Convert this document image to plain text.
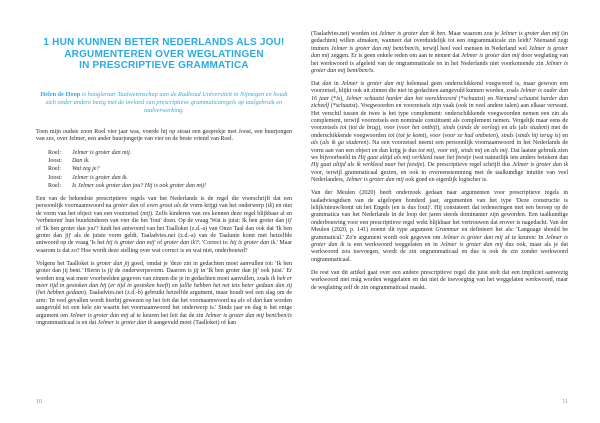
1 HUN KUNNEN BETER NEDERLANDS ALS JOU!
ARGUMENTEREN OVER WEGLATINGEN
IN PRESCRIPTIEVE GRAMMATICA

Helen de Hoop is hoogleraar Taalwetenschap aan de Radboud Universiteit in Nijmegen en houdt zich onder andere bezig met de invloed van prescriptieve grammaticaregels op taalgebruik en taalverwerking.

Toen mijn oudste zoon Roel vier jaar was, voerde hij op straat een gesprekje met Joost, een buurjongen van zes, over Jelmer, een ander buurjongetje van vier en de beste vriend van Roel.

Roel:	Jelmer is groter dan mij.
Joost:	Dan ik.
Roel:	Wat zeg je?
Joost:	Jelmer is groter dan ik.
Roel:	Is Jelmer ook groter dan jou? Hij is ook groter dan mij!

Een van de bekendste prescriptieve regels van het Nederlands is de regel die voorschrijft dat een persoonlijk voornaamwoord na groter dan of even groot als de vorm krijgt van het onderwerp (ik) en niet de vorm van het object van een voorzetsel (mij). Zelfs kinderen van zes kennen deze regel blijkbaar al en 'verbeteren' hun buurkinderen van vier die het 'fout' doen. Op de vraag 'Wat is juist: Ik ben groter dan jij' of 'Ik ben groter dan jou'? luidt het antwoord van het Taalloket (z.d.-a) van Onze Taal dan ook dat 'Ik ben groter dan jij' als de juiste vorm geldt. Taaladvies.net (z.d.-a) van de Taalunie komt met hetzelfde antwoord op de vraag 'Is het hij is groter dan mij' of groter dan ik?': 'Correct is: hij is groter dan ik.' Maar waarom is dat zo? Hoe wordt deze stelling over wat correct is en wat niet, onderbouwd?

Volgens het Taalloket is groter dan jij goed, omdat je 'deze zin in gedachten moet aanvullen tot: 'Ik ben groter dan jij bent.' Hierin is jij de onderwerpsvorm. Daarom is jij in 'Ik ben groter dan jij' ook juist.' Er worden nog wat meer voorbeelden gegeven van zinnen die je in gedachten moet aanvullen, zoals ik heb er meer tijd in gestoken dan hij (er tijd in gestoken heeft) en jullie hebben het net iets beter gedaan dan zij (het hebben gedaan). Taaladvies.net (z.d.-b) gebruikt hetzelfde argument, maar houdt wel een slag om de arm: 'In veel gevallen wordt hierbij gewezen op het feit dat het voornaamwoord na als of dan kan worden aangevuld tot een hele zin waarin het voornaamwoord het onderwerp is.' Sinds jaar en dag is het enige argument om Jelmer is groter dan mij af te keuren het feit dat de zin Jelmer is groter dan mij bent/ben/is ongrammaticaal is en dat Jelmer is groter dan ik aangevuld moet (Taalloket) of kan

10

(Taaladvies.net) worden tot Jelmer is groter dan ik ben. Maar waarom zou je Jelmer is groter dan mij (in gedachten) willen afmaken, wanneer dat overduidelijk tot een ongrammaticale zin leidt? Niemand zegt immers Jelmer is groter dan mij bent/ben/is, terwijl heel veel mensen in Nederland wel Jelmer is groter dan mij zeggen. Er is geen enkele reden om aan te nemen dat Jelmer is groter dan mij door weglating van het werkwoord is afgeleid van de ongrammaticale en in het Nederlands niet voorkomende zin Jelmer is groter dan mij bent/ben/is.

Dat dan in Jelmer is groter dan mij helemaal geen onderschikkend voegwoord is, maar gewoon een voorzetsel, blijkt ook uit zinnen die niet in gedachten aangevuld kunnen worden, zoals Jelmer is ouder dan 16 jaar (*is), Jelmer schaatst harder dan het wereldrecord (*schaatst) en Niemand schaatst harder dan zichzelf (*schaatst). Voegwoorden en voorzetsels zijn vaak (ook in veel andere talen) aan elkaar verwant. Het verschil tussen de twee is het type complement: onderschikkende voegwoorden nemen een zin als complement, terwijl voorzetsels een nominale constituent als complement nemen. Vergelijk maar eens de voorzetsels tot (tot de brug), voor (voor het ontbijt), sinds (sinds de oorlog) en als (als student) met de onderschikkende voegwoorden tot (tot je komt), voor (voor ze had ontbeten), sinds (sinds hij terug is) en als (als ik ga studeren). Na een voorzetsel neemt een persoonlijk voornaamwoord in het Nederlands de vorm aan van een object en dan krijg je dus tot mij, voor mij, sinds mij en als mij. Dat laatste gebruik zien we bijvoorbeeld in Hij gaat altijd als mij verkleed naar het feestje (wat natuurlijk iets anders betekent dan Hij gaat altijd als ik verkleed naar het feestje). De prescriptieve regel schrijft dus Jelmer is groter dan ik voor, terwijl grammaticaal gezien, en ook in overeenstemming met de taalkundige intuïtie van veel Nederlanders, Jelmer is groter dan mij ook goed en eigenlijk logischer is.

Van der Meulen (2020) heeft onderzoek gedaan naar argumenten voor prescriptieve regels in taaladviesgidsen van de afgelopen honderd jaar, argumenten van het type 'Deze constructie is lelijk/nieuw/komt uit het Engels (en is dus fout)'. Hij constateert dat redeneringen met een beroep op de grammatica van het Nederlands in de loop der jaren steeds dominanter zijn geworden. Een taalkundige onderbouwing voor een prescriptieve regel wekt blijkbaar het vertrouwen dat erover is nagedacht. Van der Meulen (2020, p. 141) noemt dit type argument Grammar en definieert het als: 'Language should be grammatical.' Zo'n argument wordt ook gegeven om Jelmer is groter dan mij af te keuren: In Jelmer is groter dan ik is een werkwoord weggelaten en in Jelmer is groter dan mij dus ook, maar als je dat werkwoord zou toevoegen, wordt de zin ongrammaticaal en dus is ook de zin zonder werkwoord ongrammaticaal.

De rest van dit artikel gaat over een andere prescriptieve regel die juist stelt dat een impliciet aanwezig werkwoord niet mág worden weggelaten en dat niet de toevoeging van het weggelaten werkwoord, maar de weglating zelf de zin ongrammaticaal maakt.

11
